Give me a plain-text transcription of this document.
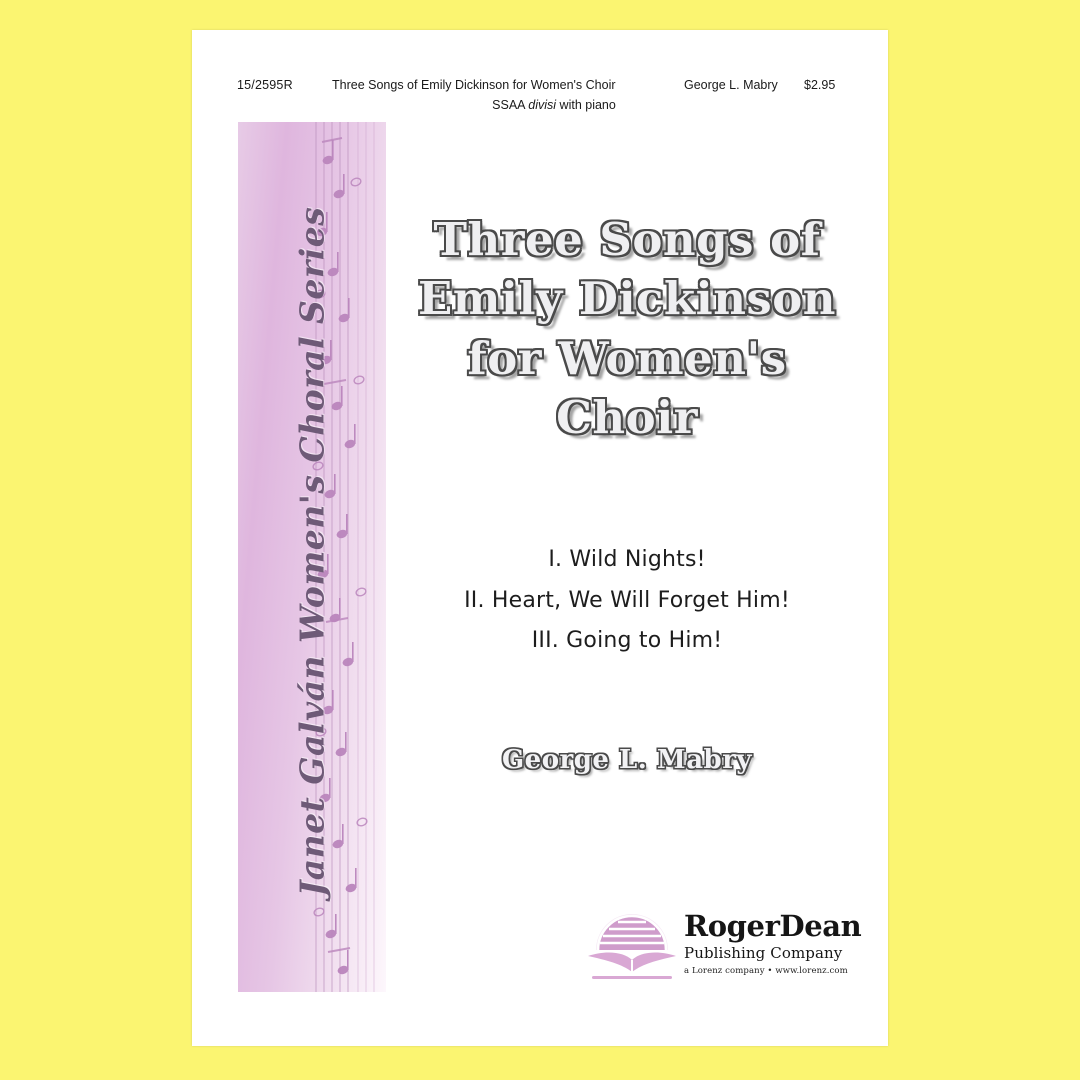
15/2595R	Three Songs of Emily Dickinson for Women's Choir	George L. Mabry $2.95
SSAA divisi with piano
Janet Galván Women's Choral Series	Three Songs of Emily Dickinson for Women's Choir
I. Wild Nights!
II. Heart, We Will Forget Him!
III. Going to Him!
George L. Mabry
RogerDean
Publishing Company
a Lorenz company • www.lorenz.com
